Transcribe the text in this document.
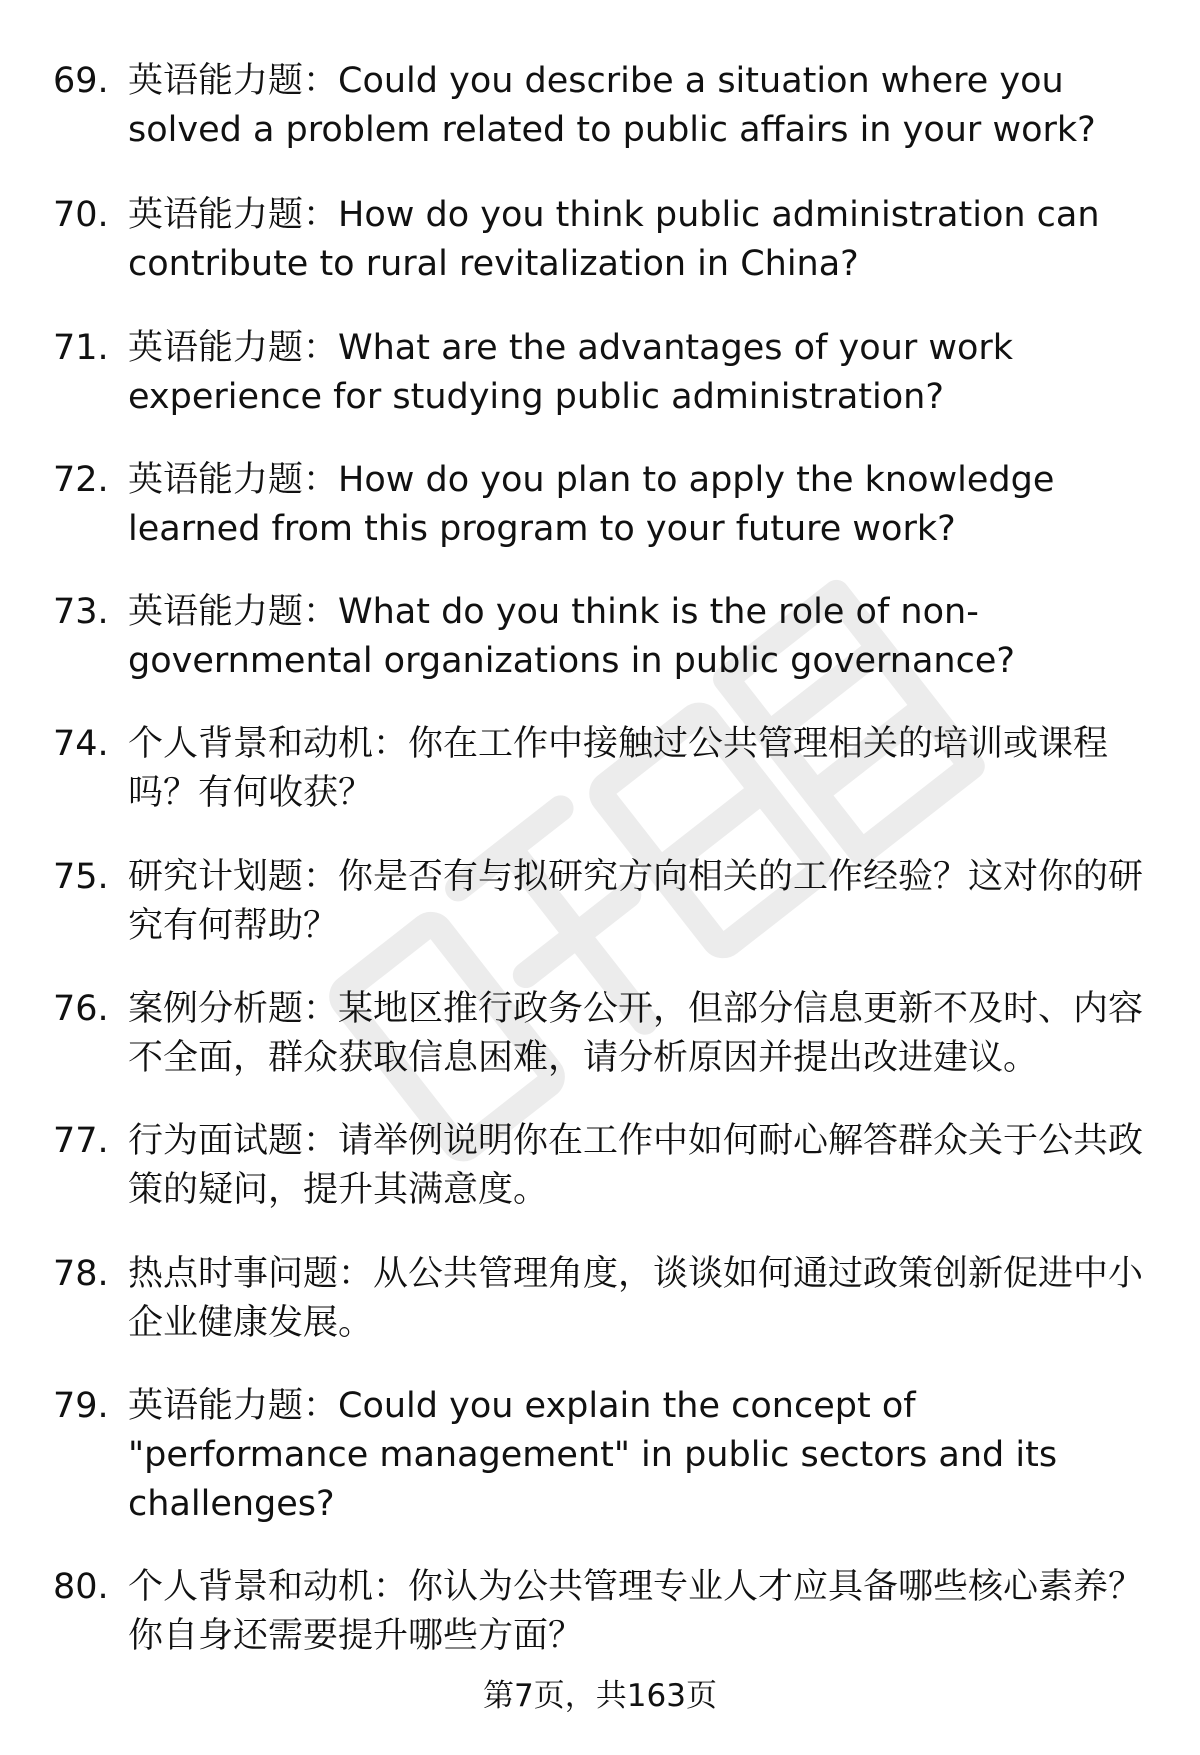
69. 英语能力题：Could you describe a situation where you solved a problem related to public affairs in your work?
70. 英语能力题：How do you think public administration can contribute to rural revitalization in China?
71. 英语能力题：What are the advantages of your work experience for studying public administration?
72. 英语能力题：How do you plan to apply the knowledge learned from this program to your future work?
73. 英语能力题：What do you think is the role of non-governmental organizations in public governance?
74. 个人背景和动机：你在工作中接触过公共管理相关的培训或课程吗？有何收获？
75. 研究计划题：你是否有与拟研究方向相关的工作经验？这对你的研究有何帮助？
76. 案例分析题：某地区推行政务公开，但部分信息更新不及时、内容不全面，群众获取信息困难，请分析原因并提出改进建议。
77. 行为面试题：请举例说明你在工作中如何耐心解答群众关于公共政策的疑问，提升其满意度。
78. 热点时事问题：从公共管理角度，谈谈如何通过政策创新促进中小企业健康发展。
79. 英语能力题：Could you explain the concept of "performance management" in public sectors and its challenges?
80. 个人背景和动机：你认为公共管理专业人才应具备哪些核心素养？你自身还需要提升哪些方面？
第7页，共163页
